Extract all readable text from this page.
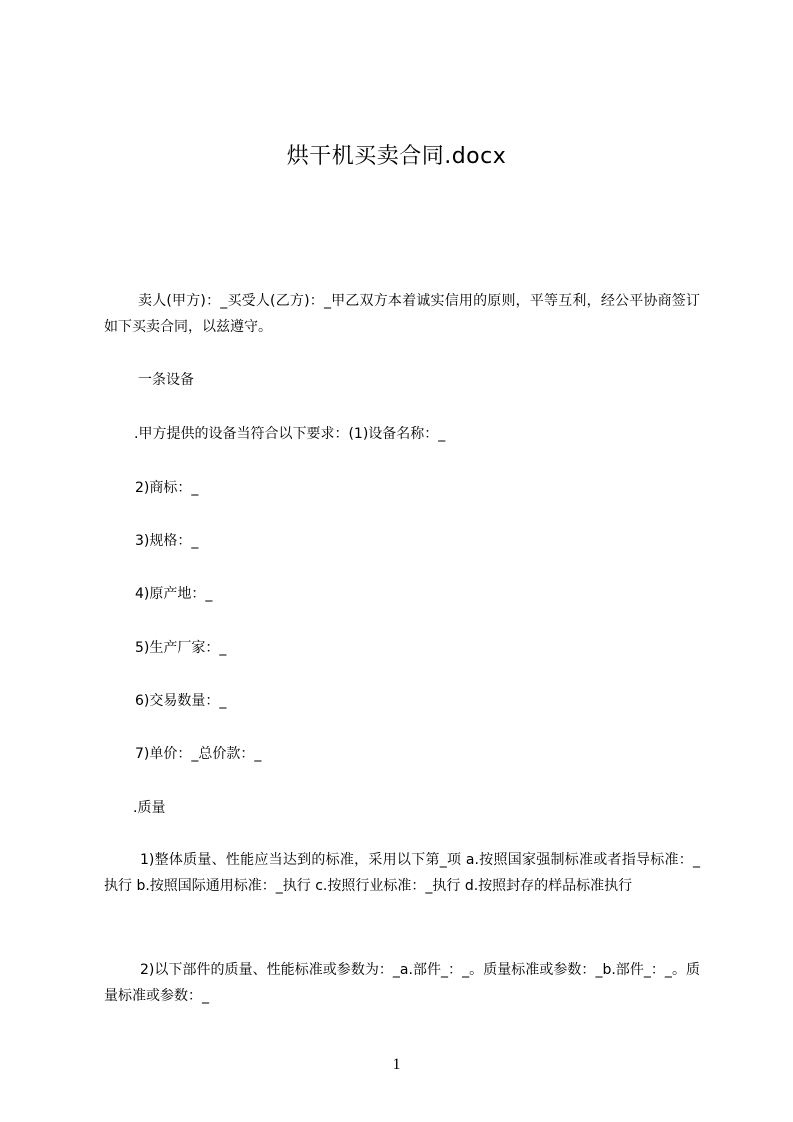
烘干机买卖合同.docx
卖人(甲方)：_买受人(乙方)：_甲乙双方本着诚实信用的原则，平等互利，经公平协商签订如下买卖合同，以兹遵守。
一条设备
.甲方提供的设备当符合以下要求：(1)设备名称：_
2)商标：_
3)规格：_
4)原产地：_
5)生产厂家：_
6)交易数量：_
7)单价：_总价款：_
.质量
1)整体质量、性能应当达到的标准，采用以下第_项 a.按照国家强制标准或者指导标准：_执行 b.按照国际通用标准：_执行 c.按照行业标准：_执行 d.按照封存的样品标准执行
2)以下部件的质量、性能标准或参数为：_a.部件_：_。质量标准或参数：_b.部件_：_。质量标准或参数：_
1
